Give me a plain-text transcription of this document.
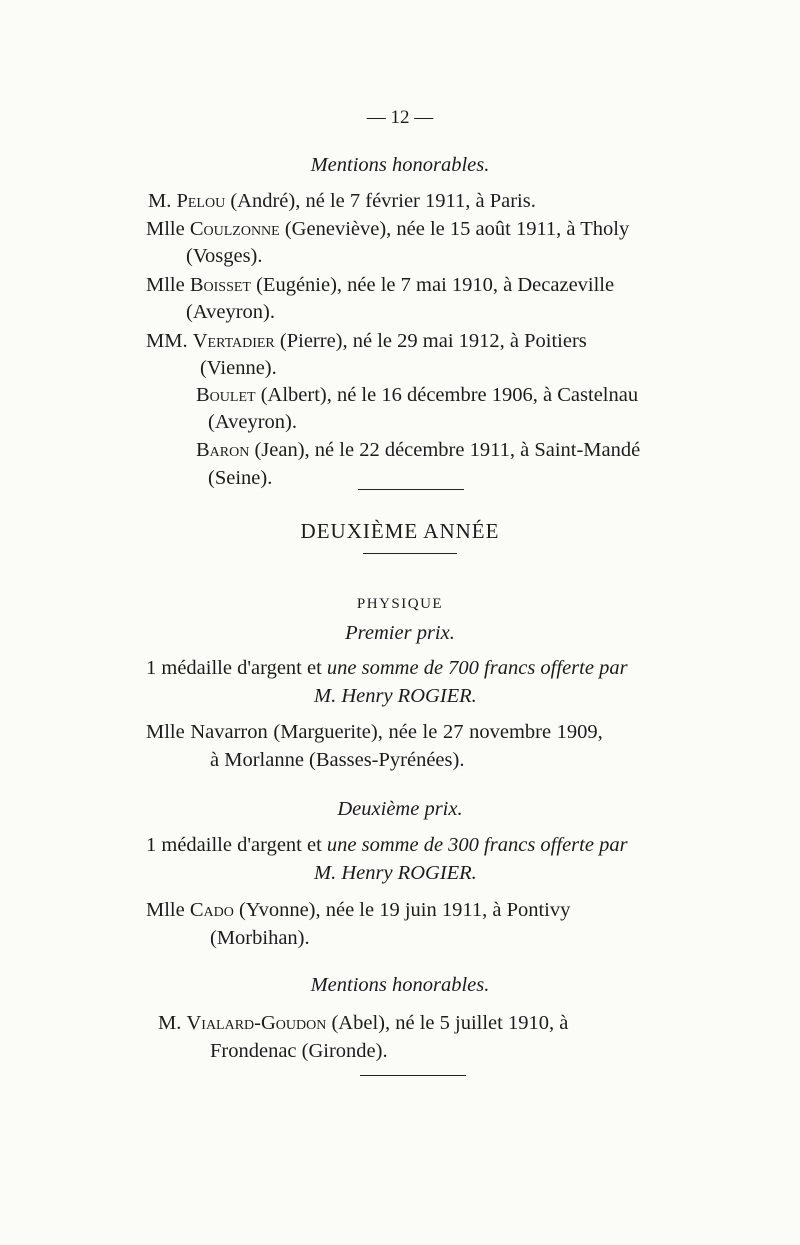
— 12 —
Mentions honorables.
M. Pelou (André), né le 7 février 1911, à Paris.
Mlle Coulzonne (Geneviève), née le 15 août 1911, à Tholy
(Vosges).
Mlle Boisset (Eugénie), née le 7 mai 1910, à Decazeville
(Aveyron).
MM. Vertadier (Pierre), né le 29 mai 1912, à Poitiers
(Vienne).
Boulet (Albert), né le 16 décembre 1906, à Castelnau
(Aveyron).
Baron (Jean), né le 22 décembre 1911, à Saint-Mandé
(Seine).
DEUXIÈME ANNÉE
PHYSIQUE
Premier prix.
1 médaille d'argent et une somme de 700 francs offerte par
M. Henry ROGIER.
Mlle Navarron (Marguerite), née le 27 novembre 1909,
à Morlanne (Basses-Pyrénées).
Deuxième prix.
1 médaille d'argent et une somme de 300 francs offerte par
M. Henry ROGIER.
Mlle Cado (Yvonne), née le 19 juin 1911, à Pontivy
(Morbihan).
Mentions honorables.
M. Vialard-Goudon (Abel), né le 5 juillet 1910, à
Frondenac (Gironde).
